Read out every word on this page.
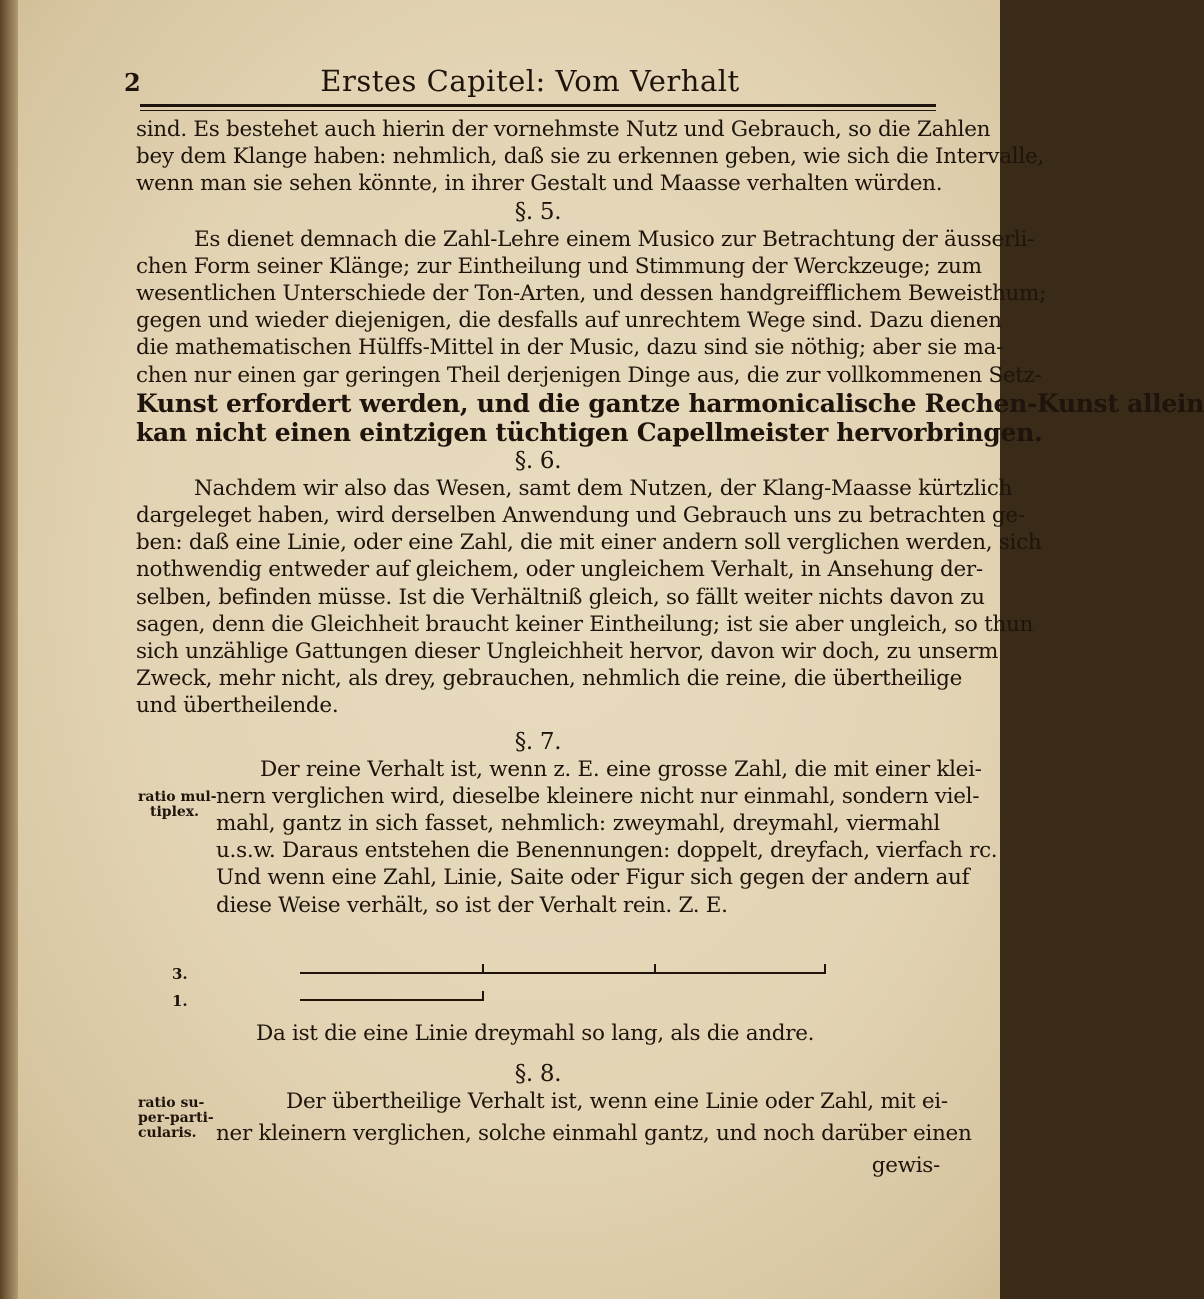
2	Erstes Capitel: Vom Verhalt
sind. Es bestehet auch hierin der vornehmste Nutz und Gebrauch, so die Zahlen
bey dem Klange haben: nehmlich, daß sie zu erkennen geben, wie sich die Intervalle,
wenn man sie sehen könnte, in ihrer Gestalt und Maasse verhalten würden.
§. 5.
Es dienet demnach die Zahl-Lehre einem Musico zur Betrachtung der äusserli-
chen Form seiner Klänge; zur Eintheilung und Stimmung der Werckzeuge; zum
wesentlichen Unterschiede der Ton-Arten, und dessen handgreifflichem Beweisthum;
gegen und wieder diejenigen, die desfalls auf unrechtem Wege sind. Dazu dienen
die mathematischen Hülffs-Mittel in der Music, dazu sind sie nöthig; aber sie ma-
chen nur einen gar geringen Theil derjenigen Dinge aus, die zur vollkommenen Setz-
Kunst erfordert werden, und die gantze harmonicalische Rechen-Kunst allein
kan nicht einen eintzigen tüchtigen Capellmeister hervorbringen.
§. 6.
Nachdem wir also das Wesen, samt dem Nutzen, der Klang-Maasse kürtzlich
dargeleget haben, wird derselben Anwendung und Gebrauch uns zu betrachten ge-
ben: daß eine Linie, oder eine Zahl, die mit einer andern soll verglichen werden, sich
nothwendig entweder auf gleichem, oder ungleichem Verhalt, in Ansehung der-
selben, befinden müsse. Ist die Verhältniß gleich, so fällt weiter nichts davon zu
sagen, denn die Gleichheit braucht keiner Eintheilung; ist sie aber ungleich, so thun
sich unzählige Gattungen dieser Ungleichheit hervor, davon wir doch, zu unserm
Zweck, mehr nicht, als drey, gebrauchen, nehmlich die reine, die übertheilige
und übertheilende.
§. 7.
Der reine Verhalt ist, wenn z. E. eine grosse Zahl, die mit einer klei-
nern verglichen wird, dieselbe kleinere nicht nur einmahl, sondern viel-
mahl, gantz in sich fasset, nehmlich: zweymahl, dreymahl, viermahl
u.s.w. Daraus entstehen die Benennungen: doppelt, dreyfach, vierfach rc.
Und wenn eine Zahl, Linie, Saite oder Figur sich gegen der andern auf
diese Weise verhält, so ist der Verhalt rein. Z. E.
ratio mul-
tiplex.
3.
1.
Da ist die eine Linie dreymahl so lang, als die andre.
§. 8.
ratio su-
per-parti-
cularis.
Der übertheilige Verhalt ist, wenn eine Linie oder Zahl, mit ei-
ner kleinern verglichen, solche einmahl gantz, und noch darüber einen
gewis-
